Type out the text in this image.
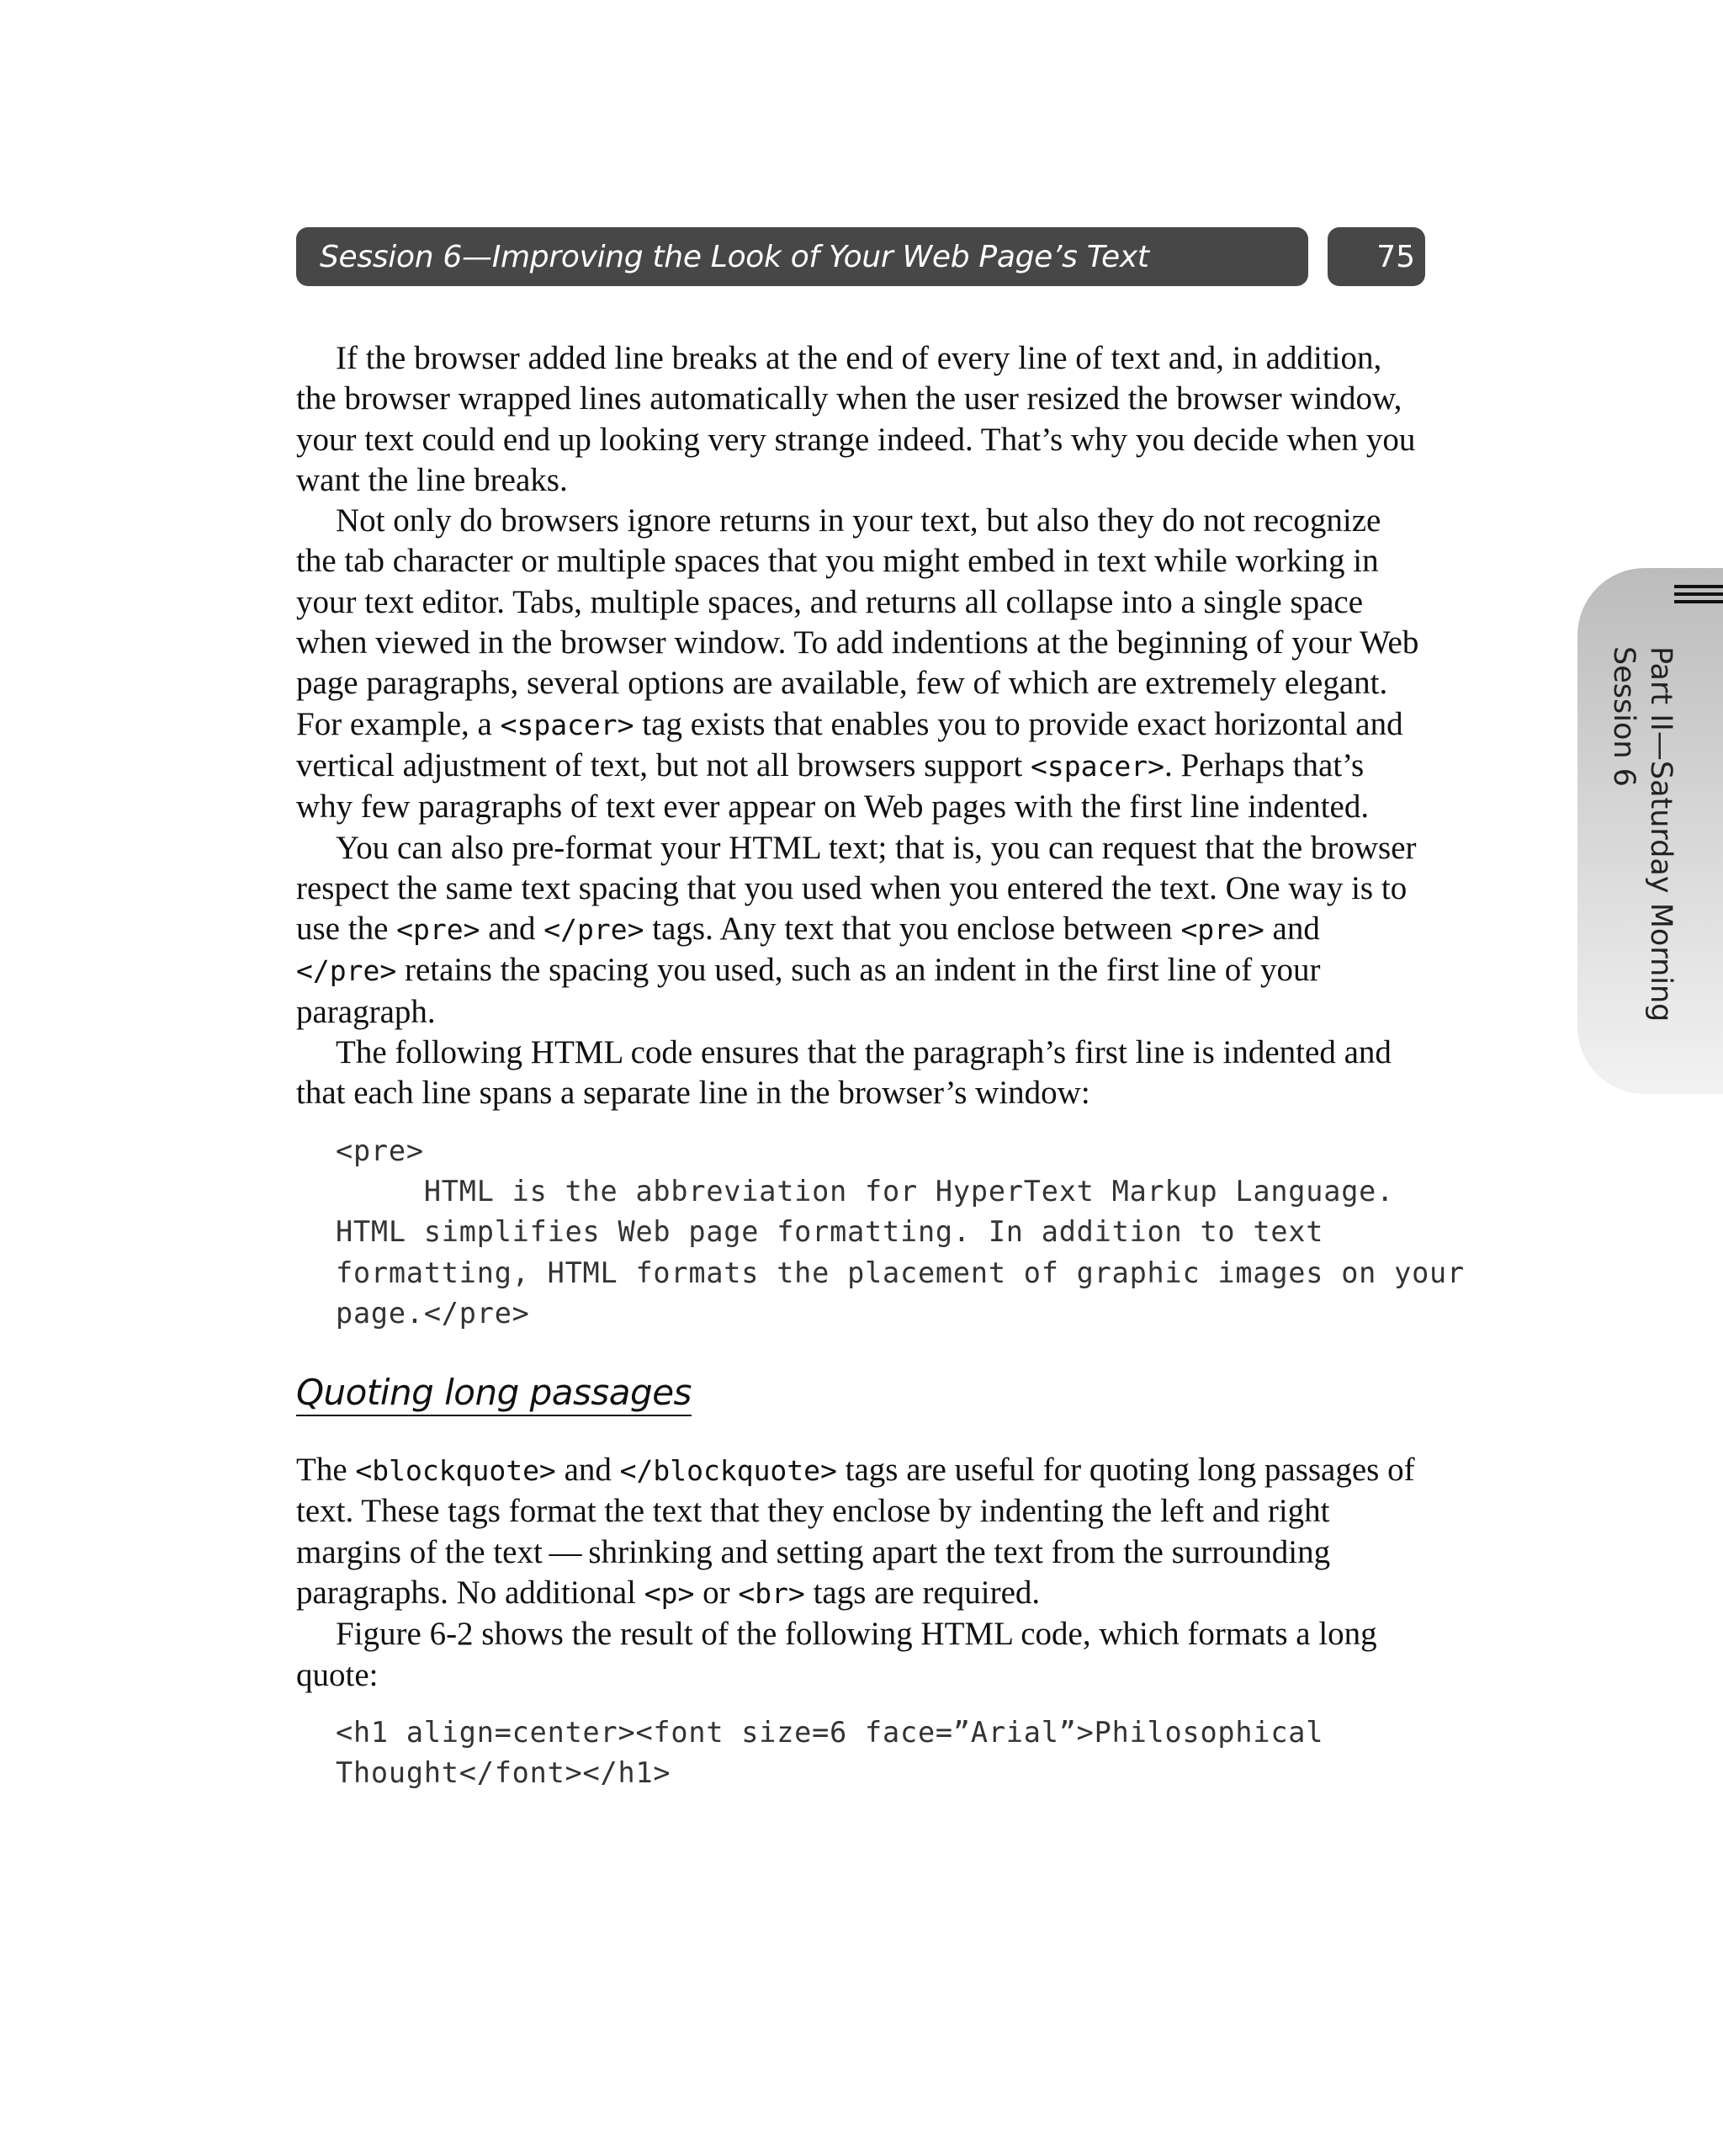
Session 6—Improving the Look of Your Web Page’s Text	75

If the browser added line breaks at the end of every line of text and, in addition, the browser wrapped lines automatically when the user resized the browser window, your text could end up looking very strange indeed. That’s why you decide when you want the line breaks.

Not only do browsers ignore returns in your text, but also they do not recognize the tab character or multiple spaces that you might embed in text while working in your text editor. Tabs, multiple spaces, and returns all collapse into a single space when viewed in the browser window. To add indentions at the beginning of your Web page paragraphs, several options are available, few of which are extremely elegant. For example, a <spacer> tag exists that enables you to provide exact horizontal and vertical adjustment of text, but not all browsers support <spacer>. Perhaps that’s why few paragraphs of text ever appear on Web pages with the first line indented.

You can also pre-format your HTML text; that is, you can request that the browser respect the same text spacing that you used when you entered the text. One way is to use the <pre> and </pre> tags. Any text that you enclose between <pre> and </pre> retains the spacing you used, such as an indent in the first line of your paragraph.

The following HTML code ensures that the paragraph’s first line is indented and that each line spans a separate line in the browser’s window:

<pre>
HTML is the abbreviation for HyperText Markup Language.
HTML simplifies Web page formatting. In addition to text
formatting, HTML formats the placement of graphic images on your
page.</pre>
Quoting long passages

The <blockquote> and </blockquote> tags are useful for quoting long passages of text. These tags format the text that they enclose by indenting the left and right margins of the text — shrinking and setting apart the text from the surrounding paragraphs. No additional <p> or <br> tags are required.

Figure 6-2 shows the result of the following HTML code, which formats a long quote:

<h1 align=center><font size=6 face=”Arial”>Philosophical
Thought</font></h1>
Part II—Saturday Morning
Session 6
